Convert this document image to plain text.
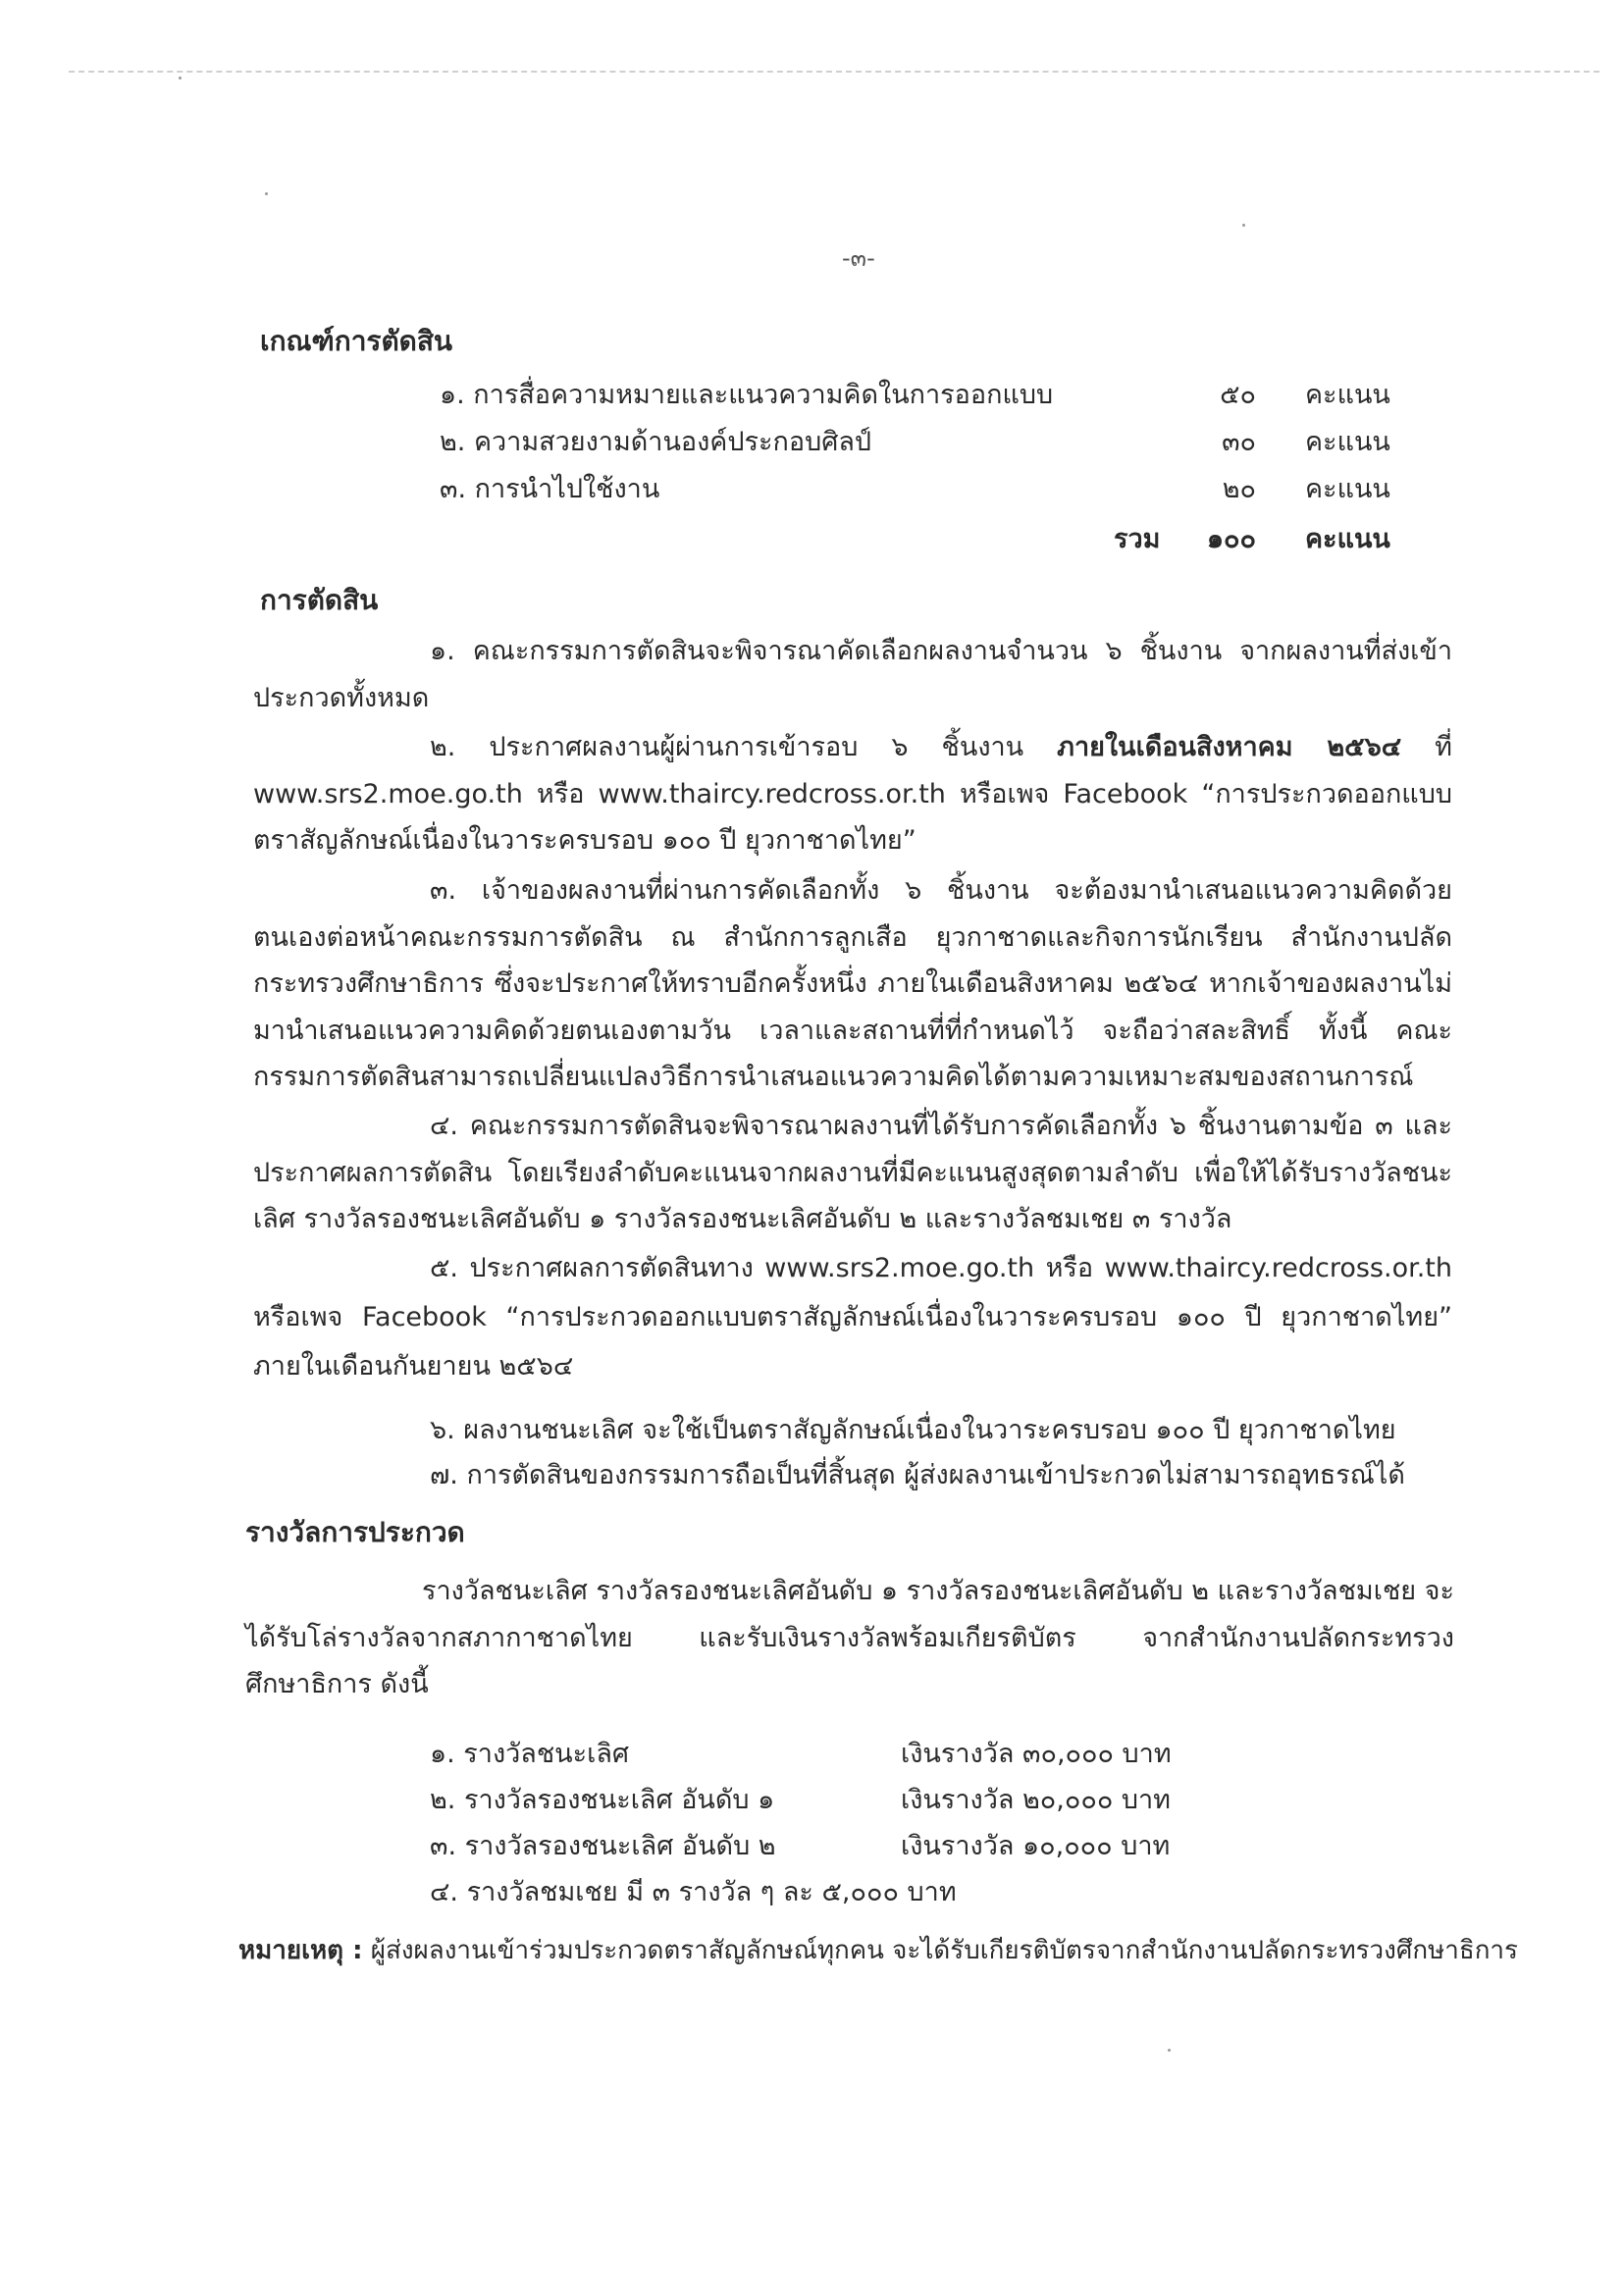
-๓-
เกณฑ์การตัดสิน
๑. การสื่อความหมายและแนวความคิดในการออกแบบ	๕๐ คะแนน
๒. ความสวยงามด้านองค์ประกอบศิลป์	๓๐ คะแนน
๓. การนำไปใช้งาน	๒๐ คะแนน
รวม	๑๐๐ คะแนน
การตัดสิน
๑. คณะกรรมการตัดสินจะพิจารณาคัดเลือกผลงานจำนวน ๖ ชิ้นงาน จากผลงานที่ส่งเข้าประกวดทั้งหมด
๒. ประกาศผลงานผู้ผ่านการเข้ารอบ ๖ ชิ้นงาน ภายในเดือนสิงหาคม ๒๕๖๔ ที่ www.srs2.moe.go.th หรือ www.thaircy.redcross.or.th หรือเพจ Facebook “การประกวดออกแบบตราสัญลักษณ์เนื่องในวาระครบรอบ ๑๐๐ ปี ยุวกาชาดไทย”
๓. เจ้าของผลงานที่ผ่านการคัดเลือกทั้ง ๖ ชิ้นงาน จะต้องมานำเสนอแนวความคิดด้วยตนเองต่อหน้าคณะกรรมการตัดสิน ณ สำนักการลูกเสือ ยุวกาชาดและกิจการนักเรียน สำนักงานปลัดกระทรวงศึกษาธิการ ซึ่งจะประกาศให้ทราบอีกครั้งหนึ่ง ภายในเดือนสิงหาคม ๒๕๖๔ หากเจ้าของผลงานไม่มานำเสนอแนวความคิดด้วยตนเองตามวัน เวลาและสถานที่ที่กำหนดไว้ จะถือว่าสละสิทธิ์ ทั้งนี้ คณะกรรมการตัดสินสามารถเปลี่ยนแปลงวิธีการนำเสนอแนวความคิดได้ตามความเหมาะสมของสถานการณ์
๔. คณะกรรมการตัดสินจะพิจารณาผลงานที่ได้รับการคัดเลือกทั้ง ๖ ชิ้นงานตามข้อ ๓ และประกาศผลการตัดสิน โดยเรียงลำดับคะแนนจากผลงานที่มีคะแนนสูงสุดตามลำดับ เพื่อให้ได้รับรางวัลชนะเลิศ รางวัลรองชนะเลิศอันดับ ๑ รางวัลรองชนะเลิศอันดับ ๒ และรางวัลชมเชย ๓ รางวัล
๕. ประกาศผลการตัดสินทาง www.srs2.moe.go.th หรือ www.thaircy.redcross.or.th หรือเพจ Facebook “การประกวดออกแบบตราสัญลักษณ์เนื่องในวาระครบรอบ ๑๐๐ ปี ยุวกาชาดไทย” ภายในเดือนกันยายน ๒๕๖๔
๖. ผลงานชนะเลิศ จะใช้เป็นตราสัญลักษณ์เนื่องในวาระครบรอบ ๑๐๐ ปี ยุวกาชาดไทย
๗. การตัดสินของกรรมการถือเป็นที่สิ้นสุด ผู้ส่งผลงานเข้าประกวดไม่สามารถอุทธรณ์ได้
รางวัลการประกวด
รางวัลชนะเลิศ รางวัลรองชนะเลิศอันดับ ๑ รางวัลรองชนะเลิศอันดับ ๒ และรางวัลชมเชย จะได้รับโล่รางวัลจากสภากาชาดไทย และรับเงินรางวัลพร้อมเกียรติบัตร จากสำนักงานปลัดกระทรวงศึกษาธิการ ดังนี้
๑. รางวัลชนะเลิศ	เงินรางวัล ๓๐,๐๐๐ บาท
๒. รางวัลรองชนะเลิศ อันดับ ๑	เงินรางวัล ๒๐,๐๐๐ บาท
๓. รางวัลรองชนะเลิศ อันดับ ๒	เงินรางวัล ๑๐,๐๐๐ บาท
๔. รางวัลชมเชย มี ๓ รางวัล ๆ ละ ๕,๐๐๐ บาท
หมายเหตุ : ผู้ส่งผลงานเข้าร่วมประกวดตราสัญลักษณ์ทุกคน จะได้รับเกียรติบัตรจากสำนักงานปลัดกระทรวงศึกษาธิการ
